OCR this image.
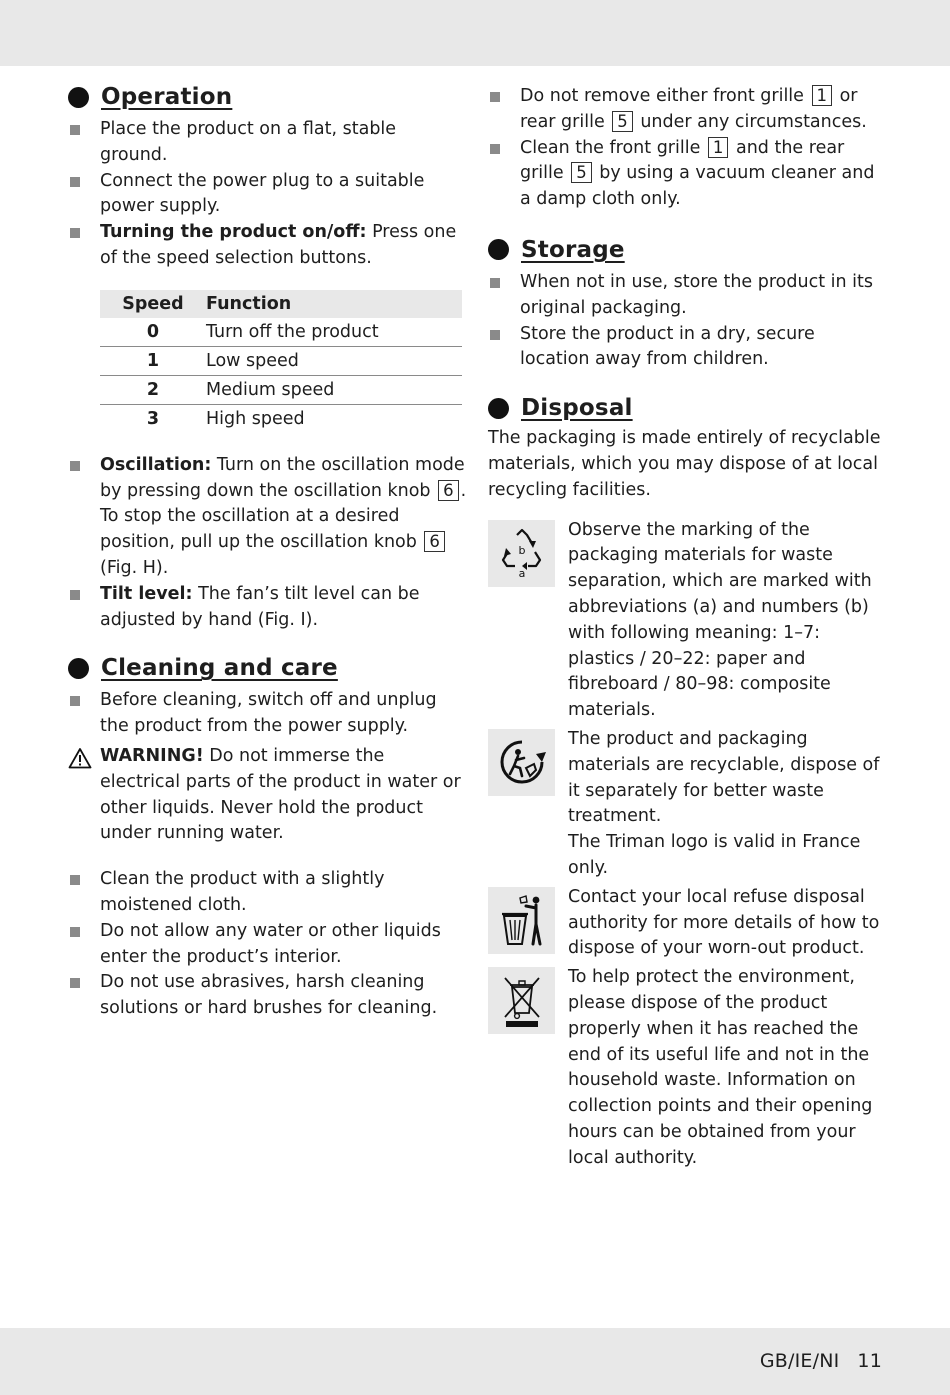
Operation
Place the product on a flat, stable ground.
Connect the power plug to a suitable power supply.
Turning the product on/off: Press one of the speed selection buttons.
Speed	Function
0	Turn off the product
1	Low speed
2	Medium speed
3	High speed
Oscillation: Turn on the oscillation mode by pressing down the oscillation knob 6 . To stop the oscillation at a desired position, pull up the oscillation knob 6 (Fig. H).
Tilt level: The fan’s tilt level can be adjusted by hand (Fig. I).
Cleaning and care
Before cleaning, switch off and unplug the product from the power supply.
WARNING! Do not immerse the electrical parts of the product in water or other liquids. Never hold the product under running water.
Clean the product with a slightly moistened cloth.
Do not allow any water or other liquids enter the product’s interior.
Do not use abrasives, harsh cleaning solutions or hard brushes for cleaning.
Do not remove either front grille 1 or rear grille 5 under any circumstances.
Clean the front grille 1 and the rear grille 5 by using a vacuum cleaner and a damp cloth only.
Storage
When not in use, store the product in its original packaging.
Store the product in a dry, secure location away from children.
Disposal

The packaging is made entirely of recyclable materials, which you may dispose of at local recycling facilities.

b
a
Observe the marking of the packaging materials for waste separation, which are marked with abbreviations (a) and numbers (b) with following meaning: 1–7: plastics / 20–22: paper and fibreboard / 80–98: composite materials.
The product and packaging materials are recyclable, dispose of it separately for better waste treatment.
The Triman logo is valid in France only.
Contact your local refuse disposal authority for more details of how to dispose of your worn-out product.
To help protect the environment, please dispose of the product properly when it has reached the end of its useful life and not in the household waste. Information on collection points and their opening hours can be obtained from your local authority.
GB/IE/NI 11
